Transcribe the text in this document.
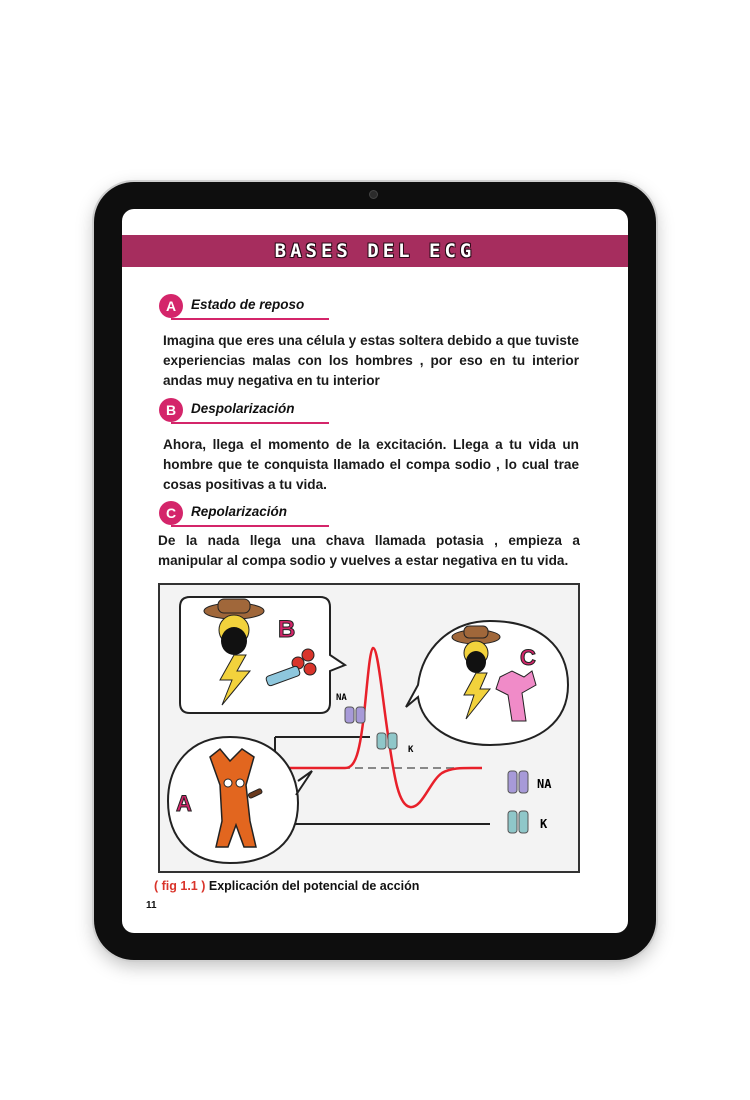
BASES DEL ECG
A	Estado de reposo
Imagina que eres una célula y estas soltera debido a que tuviste experiencias malas con los hombres , por eso en tu interior andas muy negativa en tu interior
B	Despolarización
Ahora, llega el momento de la excitación. Llega a tu vida un hombre que te conquista llamado el compa sodio , lo cual trae cosas positivas a tu vida.
C	Repolarización
De la nada llega una chava llamada potasia , empieza a manipular al compa sodio y vuelves a estar negativa en tu vida.
NA
K
NA
K
B
C
A
( fig 1.1 ) Explicación del potencial de acción
11
